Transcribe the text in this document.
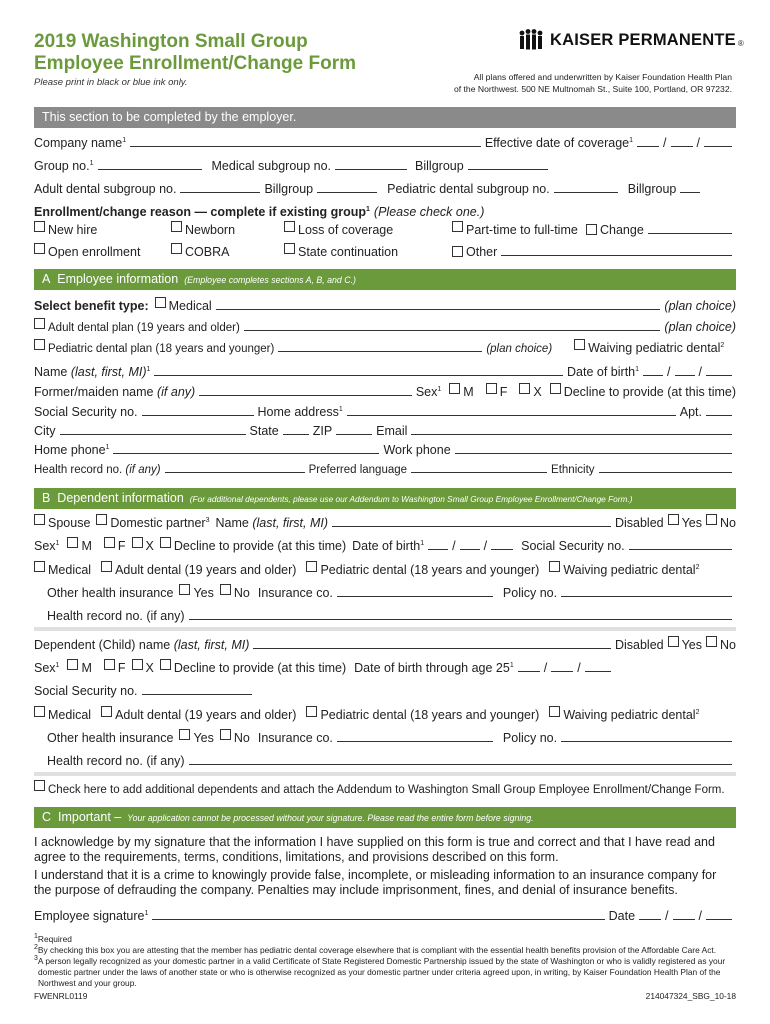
2019 Washington Small Group
Employee Enrollment/Change Form
Please print in black or blue ink only.
KAISER PERMANENTE ®
All plans offered and underwritten by Kaiser Foundation Health Plan
of the Northwest. 500 NE Multnomah St., Suite 100, Portland, OR 97232.
This section to be completed by the employer.
Company name$^1$	Effective date of coverage$^1$ / /
Group no.$^1$	Medical subgroup no.	Billgroup
Adult dental subgroup no.	Billgroup	Pediatric dental subgroup no.	Billgroup
Enrollment/change reason — complete if existing group$^1$ (Please check one.)
New hire	Newborn	Loss of coverage	Part-time to full-time Change
Open enrollment	COBRA	State continuation	Other
A Employee information (Employee completes sections A, B, and C.)
Select benefit type:	Medical	(plan choice)
Adult dental plan (19 years and older)	(plan choice)
Pediatric dental plan (18 years and younger)	(plan choice)	Waiving pediatric dental$^2$
Name (last, first, MI)$^1$	Date of birth$^1$ / /
Former/maiden name (if any)	Sex$^1$	M	F	X	Decline to provide (at this time)
Social Security no.	Home address$^1$	Apt.
City	State	ZIP	Email
Home phone$^1$	Work phone
Health record no. (if any)	Preferred language	Ethnicity
B Dependent information (For additional dependents, please use our Addendum to Washington Small Group Employee Enrollment/Change Form.)
Spouse	Domestic partner$^3$ Name (last, first, MI)	Disabled	Yes	No
Sex$^1$	M	F	X	Decline to provide (at this time) Date of birth$^1$ / /	Social Security no.
Medical	Adult dental (19 years and older)	Pediatric dental (18 years and younger)	Waiving pediatric dental$^2$
Other health insurance	Yes	No Insurance co.	Policy no.
Health record no. (if any)
Dependent (Child) name (last, first, MI)	Disabled	Yes	No
Sex$^1$	M	F	X	Decline to provide (at this time) Date of birth through age $25^1$ / /
Social Security no.
Medical	Adult dental (19 years and older)	Pediatric dental (18 years and younger)	Waiving pediatric dental$^2$
Other health insurance	Yes	No Insurance co.	Policy no.
Health record no. (if any)
Check here to add additional dependents and attach the Addendum to Washington Small Group Employee Enrollment/Change Form.
C Important – Your application cannot be processed without your signature. Please read the entire form before signing.
I acknowledge by my signature that the information I have supplied on this form is true and correct and that I have read and agree to the requirements, terms, conditions, limitations, and provisions described on this form.
I understand that it is a crime to knowingly provide false, incomplete, or misleading information to an insurance company for the purpose of defrauding the company. Penalties may include imprisonment, fines, and denial of insurance benefits.
Employee signature$^1$	Date / /
$^1$Required
$^2$By checking this box you are attesting that the member has pediatric dental coverage elsewhere that is compliant with the essential health benefits provision of the Affordable Care Act.
$^3$A person legally recognized as your domestic partner in a valid Certificate of State Registered Domestic Partnership issued by the state of Washington or who is validly registered as your domestic partner under the laws of another state or who is otherwise recognized as your domestic partner under criteria agreed upon, in writing, by Kaiser Foundation Health Plan of the Northwest and your group.
FWENRL0119	214047324_SBG_10-18
